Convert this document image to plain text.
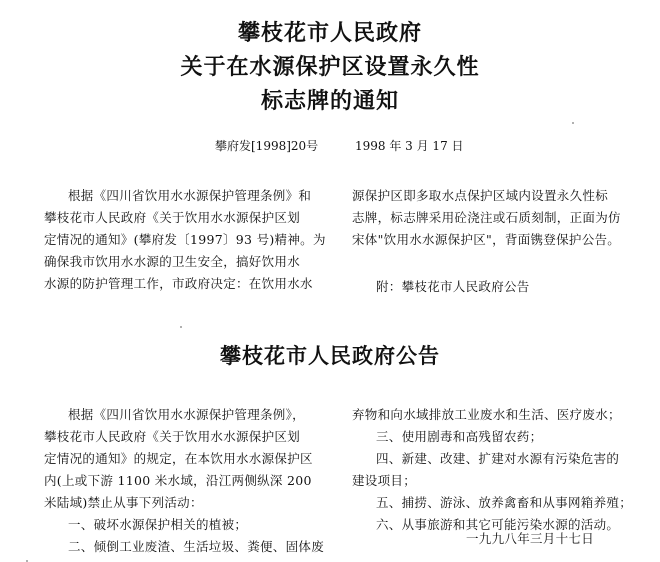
攀枝花市人民政府
关于在水源保护区设置永久性
标志牌的通知
攀府发[1998]20号	1998 年 3 月 17 日
根据《四川省饮用水水源保护管理条例》和
攀枝花市人民政府《关于饮用水水源保护区划
定情况的通知》(攀府发〔1997〕93 号)精神。为
确保我市饮用水水源的卫生安全，搞好饮用水
水源的防护管理工作，市政府决定：在饮用水水
源保护区即多取水点保护区域内设置永久性标
志牌，标志牌采用砼浇注或石质刻制，正面为仿
宋体"饮用水水源保护区"，背面镌登保护公告。
附：攀枝花市人民政府公告
攀枝花市人民政府公告
根据《四川省饮用水水源保护管理条例》，
攀枝花市人民政府《关于饮用水水源保护区划
定情况的通知》的规定，在本饮用水水源保护区
内(上或下游 1100 米水域，沿江两侧纵深 200
米陆域)禁止从事下列活动：
一、破坏水源保护相关的植被；
二、倾倒工业废渣、生活垃圾、粪便、固体废
弃物和向水域排放工业废水和生活、医疗废水；
三、使用剧毒和高残留农药；
四、新建、改建、扩建对水源有污染危害的
建设项目；
五、捕捞、游泳、放养禽畜和从事网箱养殖；
六、从事旅游和其它可能污染水源的活动。
一九九八年三月十七日
